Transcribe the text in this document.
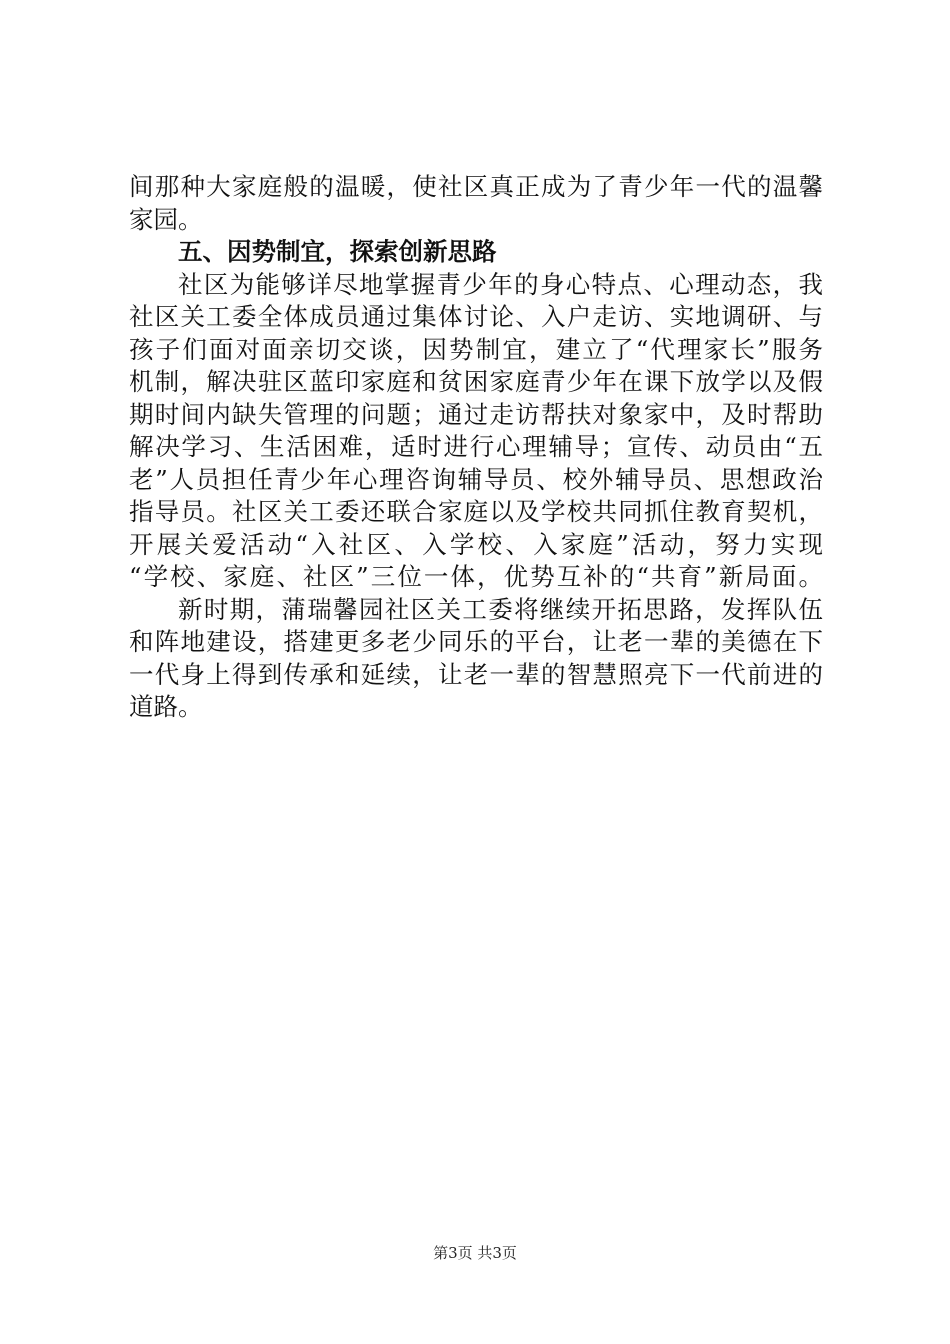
间那种大家庭般的温暖，使社区真正成为了青少年一代的温馨
家园。
五、因势制宜，探索创新思路
社区为能够详尽地掌握青少年的身心特点、心理动态，我
社区关工委全体成员通过集体讨论、入户走访、实地调研、与
孩子们面对面亲切交谈，因势制宜，建立了“代理家长”服务
机制，解决驻区蓝印家庭和贫困家庭青少年在课下放学以及假
期时间内缺失管理的问题；通过走访帮扶对象家中，及时帮助
解决学习、生活困难，适时进行心理辅导；宣传、动员由“五
老”人员担任青少年心理咨询辅导员、校外辅导员、思想政治
指导员。社区关工委还联合家庭以及学校共同抓住教育契机，
开展关爱活动“入社区、入学校、入家庭”活动，努力实现
“学校、家庭、社区”三位一体，优势互补的“共育”新局面。
新时期，蒲瑞馨园社区关工委将继续开拓思路，发挥队伍
和阵地建设，搭建更多老少同乐的平台，让老一辈的美德在下
一代身上得到传承和延续，让老一辈的智慧照亮下一代前进的
道路。
第3页 共3页
